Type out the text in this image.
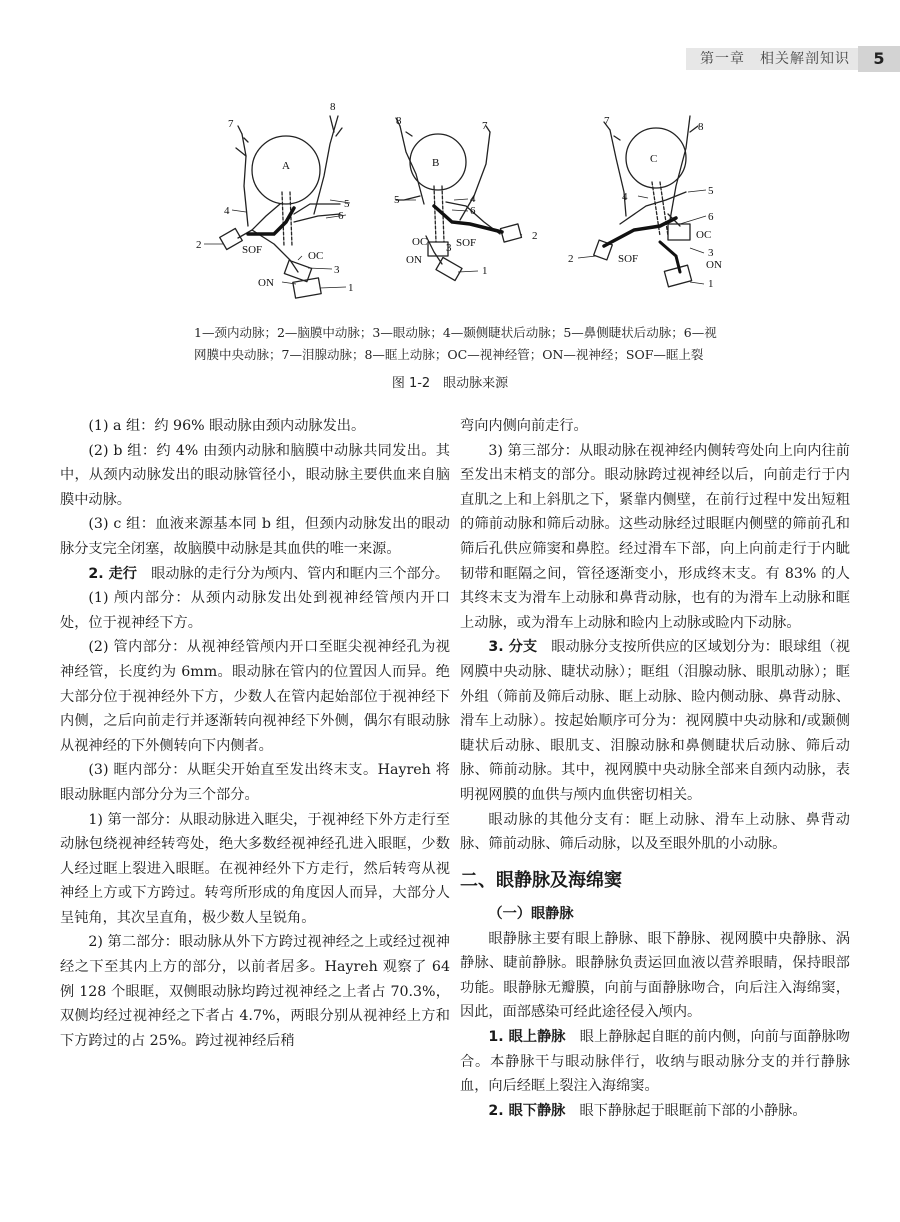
第一章　相关解剖知识	5
A	B	C
7
8
4
5
6
2	SOF	OC
3
ON	1
8	7
5	4
6
OC	SOF
2
ON
1
3
7	8
4	5
6
2	SOF
OC
3
ON
1
1—颈内动脉；2—脑膜中动脉；3—眼动脉；4—颞侧睫状后动脉；5—鼻侧睫状后动脉；6—视
网膜中央动脉；7—泪腺动脉；8—眶上动脉；OC—视神经管；ON—视神经；SOF—眶上裂
图 1-2　眼动脉来源

(1) a 组：约 96% 眼动脉由颈内动脉发出。

(2) b 组：约 4% 由颈内动脉和脑膜中动脉共同发出。其中，从颈内动脉发出的眼动脉管径小，眼动脉主要供血来自脑膜中动脉。

(3) c 组：血液来源基本同 b 组，但颈内动脉发出的眼动脉分支完全闭塞，故脑膜中动脉是其血供的唯一来源。

2. 走行　眼动脉的走行分为颅内、管内和眶内三个部分。

(1) 颅内部分：从颈内动脉发出处到视神经管颅内开口处，位于视神经下方。

(2) 管内部分：从视神经管颅内开口至眶尖视神经孔为视神经管，长度约为 6mm。眼动脉在管内的位置因人而异。绝大部分位于视神经外下方，少数人在管内起始部位于视神经下内侧，之后向前走行并逐渐转向视神经下外侧，偶尔有眼动脉从视神经的下外侧转向下内侧者。

(3) 眶内部分：从眶尖开始直至发出终末支。Hayreh 将眼动脉眶内部分分为三个部分。

1) 第一部分：从眼动脉进入眶尖，于视神经下外方走行至动脉包绕视神经转弯处，绝大多数经视神经孔进入眼眶，少数人经过眶上裂进入眼眶。在视神经外下方走行，然后转弯从视神经上方或下方跨过。转弯所形成的角度因人而异，大部分人呈钝角，其次呈直角，极少数人呈锐角。

2) 第二部分：眼动脉从外下方跨过视神经之上或经过视神经之下至其内上方的部分，以前者居多。Hayreh 观察了 64 例 128 个眼眶，双侧眼动脉均跨过视神经之上者占 70.3%，双侧均经过视神经之下者占 4.7%，两眼分别从视神经上方和下方跨过的占 25%。跨过视神经后稍

弯向内侧向前走行。

3) 第三部分：从眼动脉在视神经内侧转弯处向上向内往前至发出末梢支的部分。眼动脉跨过视神经以后，向前走行于内直肌之上和上斜肌之下，紧靠内侧壁，在前行过程中发出短粗的筛前动脉和筛后动脉。这些动脉经过眼眶内侧壁的筛前孔和筛后孔供应筛窦和鼻腔。经过滑车下部，向上向前走行于内眦韧带和眶隔之间，管径逐渐变小，形成终末支。有 83% 的人其终末支为滑车上动脉和鼻背动脉，也有的为滑车上动脉和眶上动脉，或为滑车上动脉和睑内上动脉或睑内下动脉。

3. 分支　眼动脉分支按所供应的区域划分为：眼球组（视网膜中央动脉、睫状动脉）；眶组（泪腺动脉、眼肌动脉）；眶外组（筛前及筛后动脉、眶上动脉、睑内侧动脉、鼻背动脉、滑车上动脉）。按起始顺序可分为：视网膜中央动脉和/或颞侧睫状后动脉、眼肌支、泪腺动脉和鼻侧睫状后动脉、筛后动脉、筛前动脉。其中，视网膜中央动脉全部来自颈内动脉，表明视网膜的血供与颅内血供密切相关。

眼动脉的其他分支有：眶上动脉、滑车上动脉、鼻背动脉、筛前动脉、筛后动脉，以及至眼外肌的小动脉。

二、眼静脉及海绵窦
（一）眼静脉

眼静脉主要有眼上静脉、眼下静脉、视网膜中央静脉、涡静脉、睫前静脉。眼静脉负责运回血液以营养眼睛，保持眼部功能。眼静脉无瓣膜，向前与面静脉吻合，向后注入海绵窦，因此，面部感染可经此途径侵入颅内。

1. 眼上静脉　眼上静脉起自眶的前内侧，向前与面静脉吻合。本静脉干与眼动脉伴行，收纳与眼动脉分支的并行静脉血，向后经眶上裂注入海绵窦。

2. 眼下静脉　眼下静脉起于眼眶前下部的小静脉。
